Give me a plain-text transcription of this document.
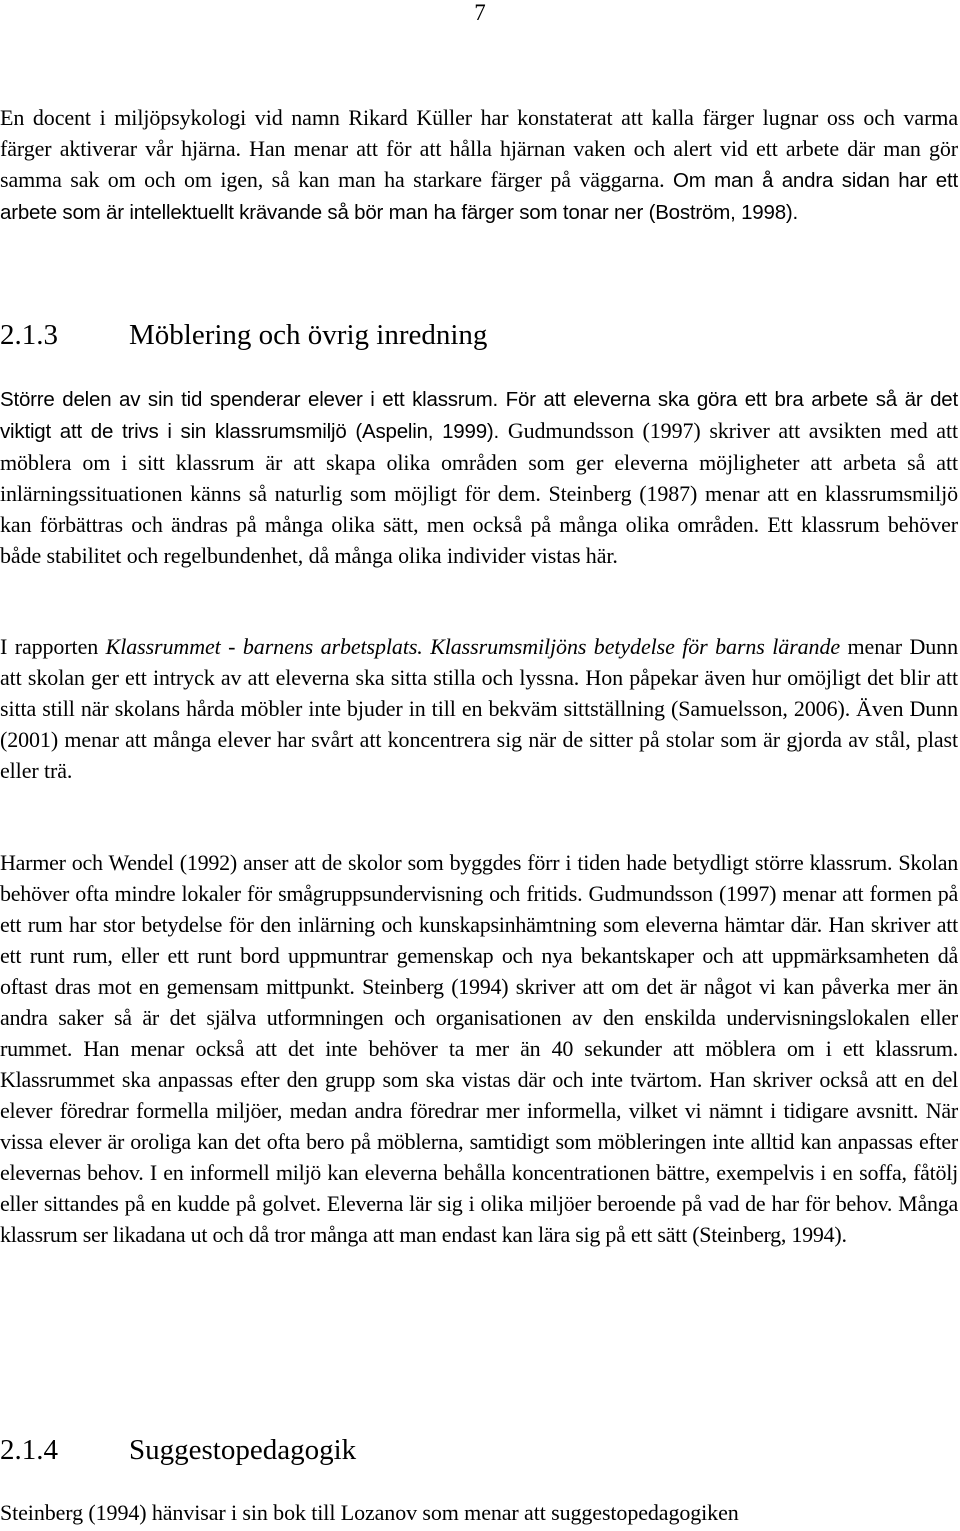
7

En docent i miljöpsykologi vid namn Rikard Küller har konstaterat att kalla färger lugnar oss och varma färger aktiverar vår hjärna. Han menar att för att hålla hjärnan vaken och alert vid ett arbete där man gör samma sak om och om igen, så kan man ha starkare färger på väggarna. Om man å andra sidan har ett arbete som är intellektuellt krävande så bör man ha färger som tonar ner (Boström, 1998).

2.1.3 Möblering och övrig inredning

Större delen av sin tid spenderar elever i ett klassrum. För att eleverna ska göra ett bra arbete så är det viktigt att de trivs i sin klassrumsmiljö (Aspelin, 1999). Gudmundsson (1997) skriver att avsikten med att möblera om i sitt klassrum är att skapa olika områden som ger eleverna möjligheter att arbeta så att inlärningssituationen känns så naturlig som möjligt för dem. Steinberg (1987) menar att en klassrumsmiljö kan förbättras och ändras på många olika sätt, men också på många olika områden. Ett klassrum behöver både stabilitet och regelbundenhet, då många olika individer vistas här.

I rapporten Klassrummet - barnens arbetsplats. Klassrumsmiljöns betydelse för barns lärande menar Dunn att skolan ger ett intryck av att eleverna ska sitta stilla och lyssna. Hon påpekar även hur omöjligt det blir att sitta still när skolans hårda möbler inte bjuder in till en bekväm sittställning (Samuelsson, 2006). Även Dunn (2001) menar att många elever har svårt att koncentrera sig när de sitter på stolar som är gjorda av stål, plast eller trä.

Harmer och Wendel (1992) anser att de skolor som byggdes förr i tiden hade betydligt större klassrum. Skolan behöver ofta mindre lokaler för smågruppsundervisning och fritids. Gudmundsson (1997) menar att formen på ett rum har stor betydelse för den inlärning och kunskapsinhämtning som eleverna hämtar där. Han skriver att ett runt rum, eller ett runt bord uppmuntrar gemenskap och nya bekantskaper och att uppmärksamheten då oftast dras mot en gemensam mittpunkt. Steinberg (1994) skriver att om det är något vi kan påverka mer än andra saker så är det själva utformningen och organisationen av den enskilda undervisningslokalen eller rummet. Han menar också att det inte behöver ta mer än 40 sekunder att möblera om i ett klassrum. Klassrummet ska anpassas efter den grupp som ska vistas där och inte tvärtom. Han skriver också att en del elever föredrar formella miljöer, medan andra föredrar mer informella, vilket vi nämnt i tidigare avsnitt. När vissa elever är oroliga kan det ofta bero på möblerna, samtidigt som möbleringen inte alltid kan anpassas efter elevernas behov. I en informell miljö kan eleverna behålla koncentrationen bättre, exempelvis i en soffa, fåtölj eller sittandes på en kudde på golvet. Eleverna lär sig i olika miljöer beroende på vad de har för behov. Många klassrum ser likadana ut och då tror många att man endast kan lära sig på ett sätt (Steinberg, 1994).

2.1.4 Suggestopedagogik

Steinberg (1994) hänvisar i sin bok till Lozanov som menar att suggestopedagogiken
